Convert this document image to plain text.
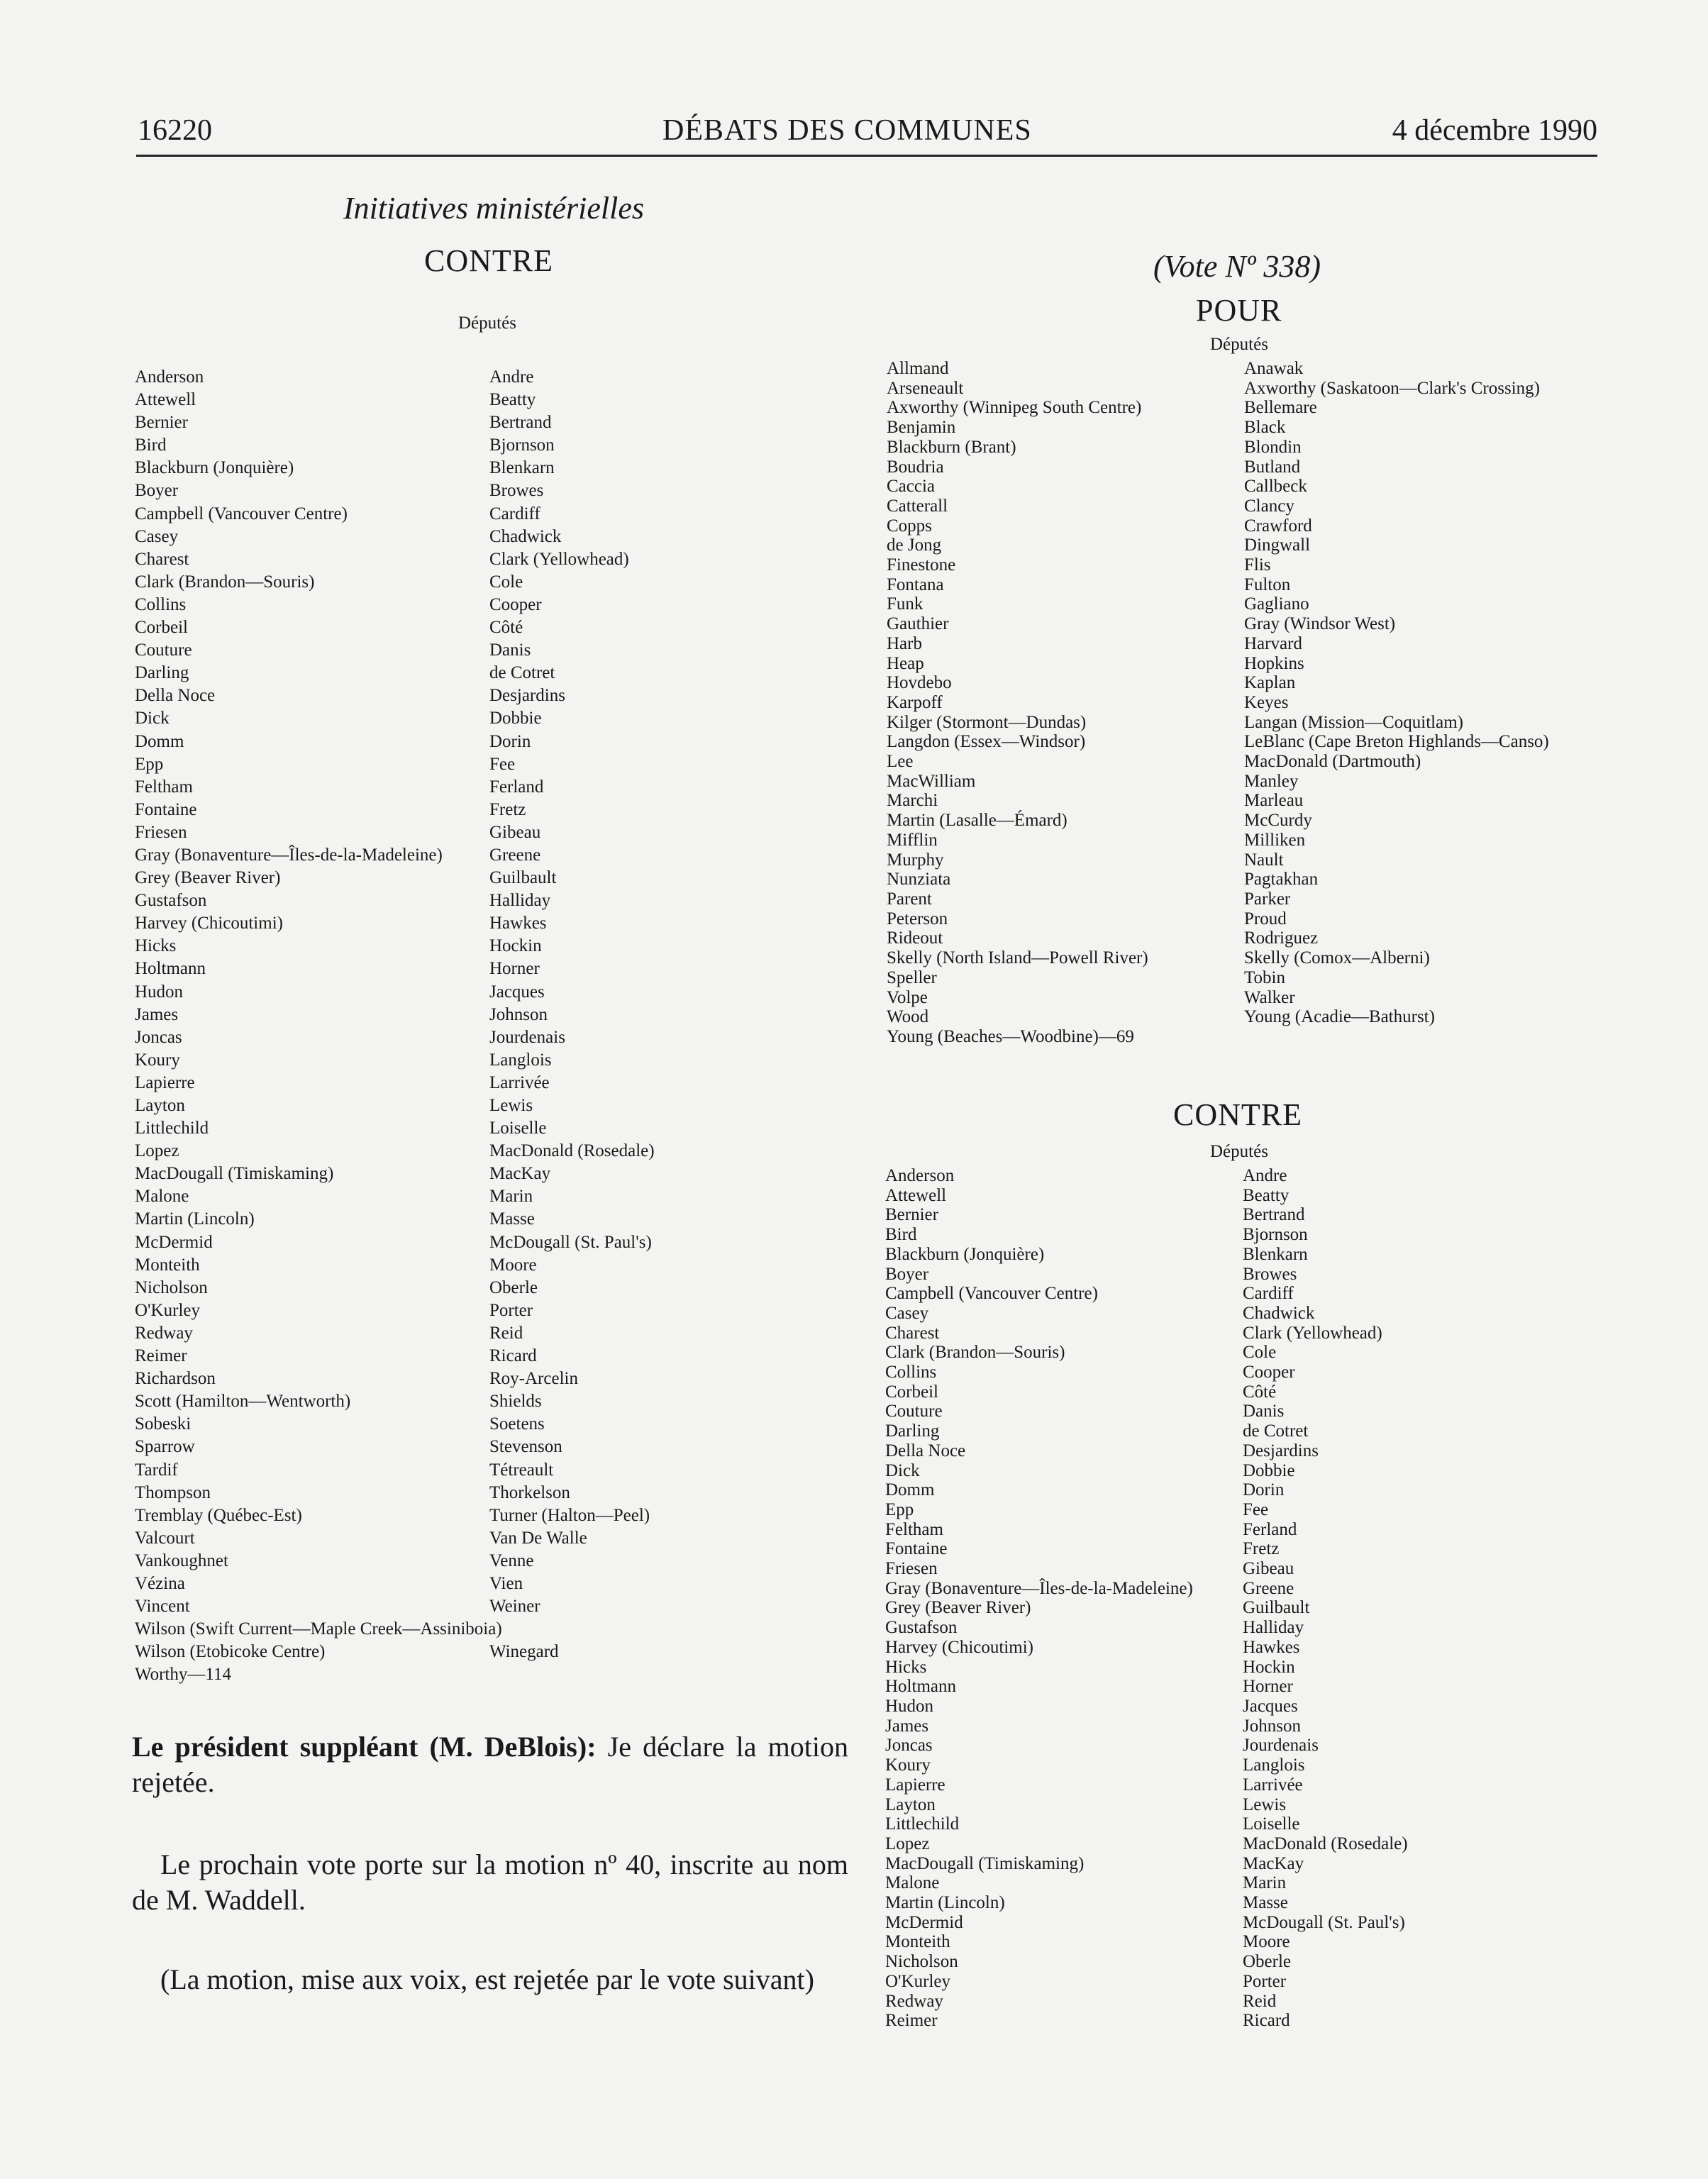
16220	DÉBATS DES COMMUNES	4 décembre 1990
Initiatives ministérielles
CONTRE
Députés
Anderson
Attewell
Bernier
Bird
Blackburn (Jonquière)
Boyer
Campbell (Vancouver Centre)
Casey
Charest
Clark (Brandon—Souris)
Collins
Corbeil
Couture
Darling
Della Noce
Dick
Domm
Epp
Feltham
Fontaine
Friesen
Gray (Bonaventure—Îles-de-la-Madeleine)
Grey (Beaver River)
Gustafson
Harvey (Chicoutimi)
Hicks
Holtmann
Hudon
James
Joncas
Koury
Lapierre
Layton
Littlechild
Lopez
MacDougall (Timiskaming)
Malone
Martin (Lincoln)
McDermid
Monteith
Nicholson
O'Kurley
Redway
Reimer
Richardson
Scott (Hamilton—Wentworth)
Sobeski
Sparrow
Tardif
Thompson
Tremblay (Québec-Est)
Valcourt
Vankoughnet
Vézina
Vincent
Wilson (Swift Current—Maple Creek—Assiniboia)
Wilson (Etobicoke Centre)
Worthy—114
Andre
Beatty
Bertrand
Bjornson
Blenkarn
Browes
Cardiff
Chadwick
Clark (Yellowhead)
Cole
Cooper
Côté
Danis
de Cotret
Desjardins
Dobbie
Dorin
Fee
Ferland
Fretz
Gibeau
Greene
Guilbault
Halliday
Hawkes
Hockin
Horner
Jacques
Johnson
Jourdenais
Langlois
Larrivée
Lewis
Loiselle
MacDonald (Rosedale)
MacKay
Marin
Masse
McDougall (St. Paul's)
Moore
Oberle
Porter
Reid
Ricard
Roy-Arcelin
Shields
Soetens
Stevenson
Tétreault
Thorkelson
Turner (Halton—Peel)
Van De Walle
Venne
Vien
Weiner

Winegard

Le président suppléant (M. DeBlois): Je déclare la motion rejetée.

Le prochain vote porte sur la motion nº 40, inscrite au nom de M. Waddell.

(La motion, mise aux voix, est rejetée par le vote suivant)

(Vote Nº 338)
POUR
Députés
Allmand
Arseneault
Axworthy (Winnipeg South Centre)
Benjamin
Blackburn (Brant)
Boudria
Caccia
Catterall
Copps
de Jong
Finestone
Fontana
Funk
Gauthier
Harb
Heap
Hovdebo
Karpoff
Kilger (Stormont—Dundas)
Langdon (Essex—Windsor)
Lee
MacWilliam
Marchi
Martin (Lasalle—Émard)
Mifflin
Murphy
Nunziata
Parent
Peterson
Rideout
Skelly (North Island—Powell River)
Speller
Volpe
Wood
Young (Beaches—Woodbine)—69
Anawak
Axworthy (Saskatoon—Clark's Crossing)
Bellemare
Black
Blondin
Butland
Callbeck
Clancy
Crawford
Dingwall
Flis
Fulton
Gagliano
Gray (Windsor West)
Harvard
Hopkins
Kaplan
Keyes
Langan (Mission—Coquitlam)
LeBlanc (Cape Breton Highlands—Canso)
MacDonald (Dartmouth)
Manley
Marleau
McCurdy
Milliken
Nault
Pagtakhan
Parker
Proud
Rodriguez
Skelly (Comox—Alberni)
Tobin
Walker
Young (Acadie—Bathurst)
CONTRE
Députés
Anderson
Attewell
Bernier
Bird
Blackburn (Jonquière)
Boyer
Campbell (Vancouver Centre)
Casey
Charest
Clark (Brandon—Souris)
Collins
Corbeil
Couture
Darling
Della Noce
Dick
Domm
Epp
Feltham
Fontaine
Friesen
Gray (Bonaventure—Îles-de-la-Madeleine)
Grey (Beaver River)
Gustafson
Harvey (Chicoutimi)
Hicks
Holtmann
Hudon
James
Joncas
Koury
Lapierre
Layton
Littlechild
Lopez
MacDougall (Timiskaming)
Malone
Martin (Lincoln)
McDermid
Monteith
Nicholson
O'Kurley
Redway
Reimer
Andre
Beatty
Bertrand
Bjornson
Blenkarn
Browes
Cardiff
Chadwick
Clark (Yellowhead)
Cole
Cooper
Côté
Danis
de Cotret
Desjardins
Dobbie
Dorin
Fee
Ferland
Fretz
Gibeau
Greene
Guilbault
Halliday
Hawkes
Hockin
Horner
Jacques
Johnson
Jourdenais
Langlois
Larrivée
Lewis
Loiselle
MacDonald (Rosedale)
MacKay
Marin
Masse
McDougall (St. Paul's)
Moore
Oberle
Porter
Reid
Ricard
